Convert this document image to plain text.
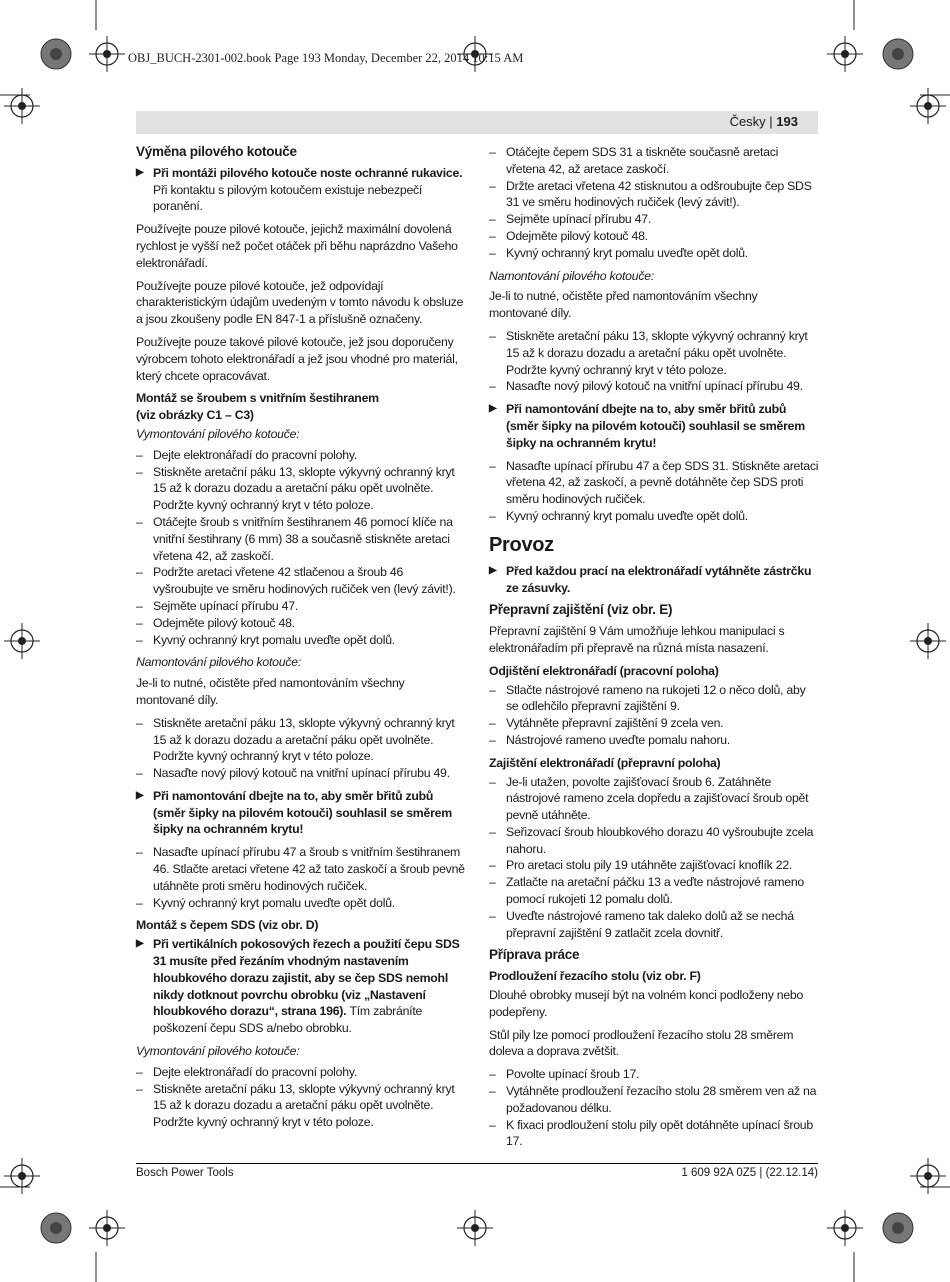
OBJ_BUCH-2301-002.book Page 193 Monday, December 22, 2014 10:15 AM
Česky | 193
Výměna pilového kotouče
▶ Při montáži pilového kotouče noste ochranné rukavice. Při kontaktu s pilovým kotoučem existuje nebezpečí poranění.

Používejte pouze pilové kotouče, jejichž maximální dovolená rychlost je vyšší než počet otáček při běhu naprázdno Vašeho elektronářadí.

Používejte pouze pilové kotouče, jež odpovídají charakteristickým údajům uvedeným v tomto návodu k obsluze a jsou zkoušeny podle EN 847-1 a příslušně označeny.

Používejte pouze takové pilové kotouče, jež jsou doporučeny výrobcem tohoto elektronářadí a jež jsou vhodné pro materiál, který chcete opracovávat.

Montáž se šroubem s vnitřním šestihranem
(viz obrázky C1 – C3)
Vymontování pilového kotouče:
– Dejte elektronářadí do pracovní polohy.
– Stiskněte aretační páku 13, sklopte výkyvný ochranný kryt 15 až k dorazu dozadu a aretační páku opět uvolněte. Podržte kyvný ochranný kryt v této poloze.
– Otáčejte šroub s vnitřním šestihranem 46 pomocí klíče na vnitřní šestihrany (6 mm) 38 a současně stiskněte aretaci vřetena 42, až zaskočí.
– Podržte aretaci vřetene 42 stlačenou a šroub 46 vyšroubujte ve směru hodinových ručiček ven (levý závit!).
– Sejměte upínací přírubu 47.
– Odejměte pilový kotouč 48.
– Kyvný ochranný kryt pomalu uveďte opět dolů.
Namontování pilového kotouče:

Je-li to nutné, očistěte před namontováním všechny montované díly.

– Stiskněte aretační páku 13, sklopte výkyvný ochranný kryt 15 až k dorazu dozadu a aretační páku opět uvolněte. Podržte kyvný ochranný kryt v této poloze.
– Nasaďte nový pilový kotouč na vnitřní upínací přírubu 49.
▶ Při namontování dbejte na to, aby směr břitů zubů (směr šipky na pilovém kotouči) souhlasil se směrem šipky na ochranném krytu!
– Nasaďte upínací přírubu 47 a šroub s vnitřním šestihranem 46. Stlačte aretaci vřetene 42 až tato zaskočí a šroub pevně utáhněte proti směru hodinových ručiček.
– Kyvný ochranný kryt pomalu uveďte opět dolů.
Montáž s čepem SDS (viz obr. D)
▶ Při vertikálních pokosových řezech a použití čepu SDS 31 musíte před řezáním vhodným nastavením hloubkového dorazu zajistit, aby se čep SDS nemohl nikdy dotknout povrchu obrobku (viz „Nastavení hloubkového dorazu“, strana 196). Tím zabráníte poškození čepu SDS a/nebo obrobku.
Vymontování pilového kotouče:
– Dejte elektronářadí do pracovní polohy.
– Stiskněte aretační páku 13, sklopte výkyvný ochranný kryt 15 až k dorazu dozadu a aretační páku opět uvolněte. Podržte kyvný ochranný kryt v této poloze.
– Otáčejte čepem SDS 31 a tiskněte současně aretaci vřetena 42, až aretace zaskočí.
– Držte aretaci vřetena 42 stisknutou a odšroubujte čep SDS 31 ve směru hodinových ručiček (levý závit!).
– Sejměte upínací přírubu 47.
– Odejměte pilový kotouč 48.
– Kyvný ochranný kryt pomalu uveďte opět dolů.
Namontování pilového kotouče:

Je-li to nutné, očistěte před namontováním všechny montované díly.

– Stiskněte aretační páku 13, sklopte výkyvný ochranný kryt 15 až k dorazu dozadu a aretační páku opět uvolněte. Podržte kyvný ochranný kryt v této poloze.
– Nasaďte nový pilový kotouč na vnitřní upínací přírubu 49.
▶ Při namontování dbejte na to, aby směr břitů zubů (směr šipky na pilovém kotouči) souhlasil se směrem šipky na ochranném krytu!
– Nasaďte upínací přírubu 47 a čep SDS 31. Stiskněte aretaci vřetena 42, až zaskočí, a pevně dotáhněte čep SDS proti směru hodinových ručiček.
– Kyvný ochranný kryt pomalu uveďte opět dolů.
Provoz
▶ Před každou prací na elektronářadí vytáhněte zástrčku ze zásuvky.
Přepravní zajištění (viz obr. E)

Přepravní zajištění 9 Vám umožňuje lehkou manipulaci s elektronářadím při přepravě na různá místa nasazení.

Odjištění elektronářadí (pracovní poloha)
– Stlačte nástrojové rameno na rukojeti 12 o něco dolů, aby se odlehčilo přepravní zajištění 9.
– Vytáhněte přepravní zajištění 9 zcela ven.
– Nástrojové rameno uveďte pomalu nahoru.
Zajištění elektronářadí (přepravní poloha)
– Je-li utažen, povolte zajišťovací šroub 6. Zatáhněte nástrojové rameno zcela dopředu a zajišťovací šroub opět pevně utáhněte.
– Seřizovací šroub hloubkového dorazu 40 vyšroubujte zcela nahoru.
– Pro aretaci stolu pily 19 utáhněte zajišťovací knoflík 22.
– Zatlačte na aretační páčku 13 a veďte nástrojové rameno pomocí rukojeti 12 pomalu dolů.
– Uveďte nástrojové rameno tak daleko dolů až se nechá přepravní zajištění 9 zatlačit zcela dovnitř.
Příprava práce
Prodloužení řezacího stolu (viz obr. F)

Dlouhé obrobky musejí být na volném konci podloženy nebo podepřeny.

Stůl pily lze pomocí prodloužení řezacího stolu 28 směrem doleva a doprava zvětšit.

– Povolte upínací šroub 17.
– Vytáhněte prodloužení řezacího stolu 28 směrem ven až na požadovanou délku.
– K fixaci prodloužení stolu pily opět dotáhněte upínací šroub 17.
Bosch Power Tools	1 609 92A 0Z5 | (22.12.14)
